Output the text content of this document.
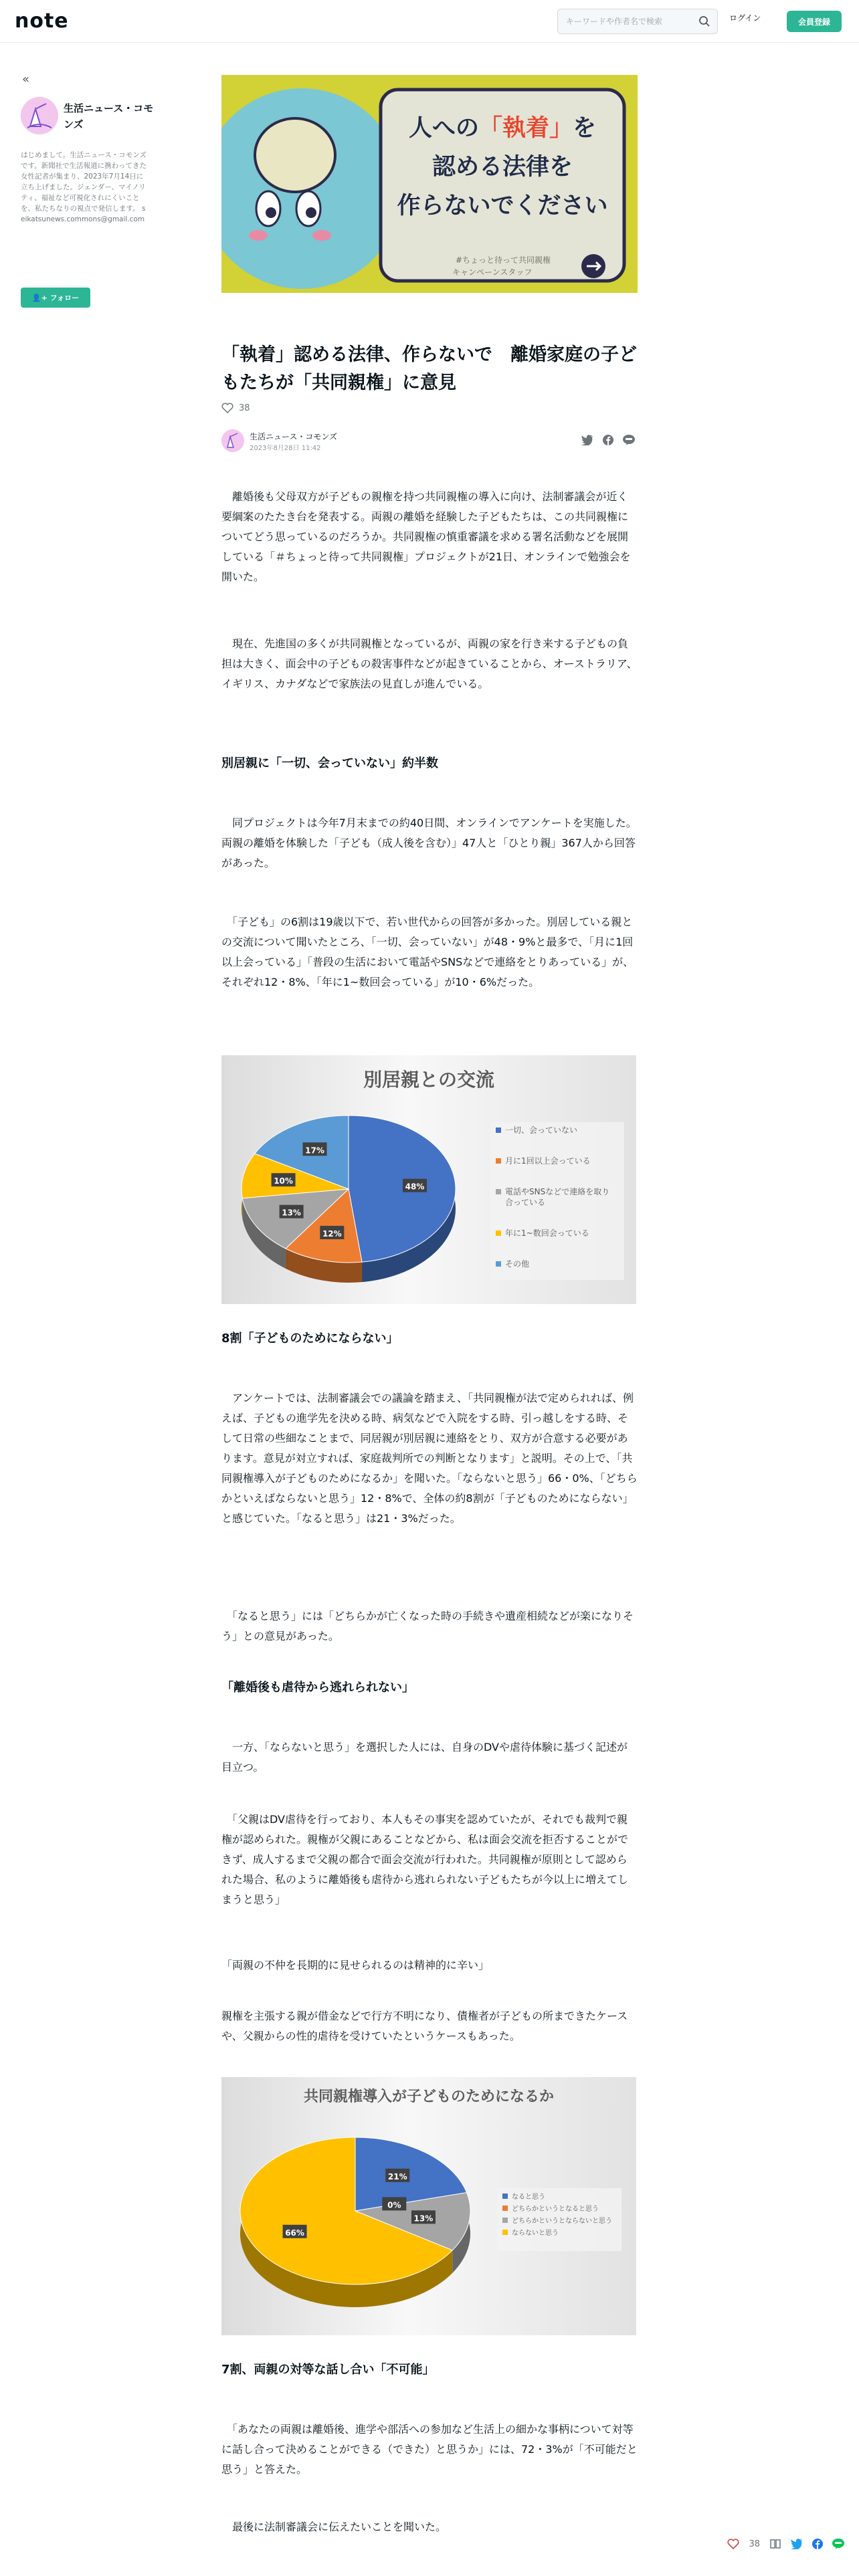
note
キーワードや作者名で検索	ログイン	会員登録
«
生活ニュース・コモンズ
はじめまして。生活ニュース・コモンズです。新聞社で生活報道に携わってきた女性記者が集まり、2023年7月14日に立ち上げました。ジェンダー、マイノリティ、福祉など可視化されにくいことを、私たちなりの視点で発信します。 seikatsunews.commons@gmail.com
👤+ フォロー
人への「執着」を
認める法律を
作らないでください
#ちょっと待って共同親権
キャンペーンスタッフ
「執着」認める法律、作らないで　離婚家庭の子どもたちが「共同親権」に意見
38
生活ニュース・コモンズ
2023年8月28日 11:42

　離婚後も父母双方が子どもの親権を持つ共同親権の導入に向け、法制審議会が近く要綱案のたたき台を発表する。両親の離婚を経験した子どもたちは、この共同親権についてどう思っているのだろうか。共同親権の慎重審議を求める署名活動などを展開している「＃ちょっと待って共同親権」プロジェクトが21日、オンラインで勉強会を開いた。

　現在、先進国の多くが共同親権となっているが、両親の家を行き来する子どもの負担は大きく、面会中の子どもの殺害事件などが起きていることから、オーストラリア、イギリス、カナダなどで家族法の見直しが進んでいる。

別居親に「一切、会っていない」約半数

　同プロジェクトは今年7月末までの約40日間、オンラインでアンケートを実施した。両親の離婚を体験した「子ども（成人後を含む）」47人と「ひとり親」367人から回答があった。

　「子ども」の6割は19歳以下で、若い世代からの回答が多かった。別居している親との交流について聞いたところ、「一切、会っていない」が48・9%と最多で、「月に1回以上会っている」「普段の生活において電話やSNSなどで連絡をとりあっている」が、それぞれ12・8%、「年に1~数回会っている」が10・6%だった。

別居親との交流
48%
12%
13%
10%
17%
一切、会っていない
月に1回以上会っている
電話やSNSなどで連絡を取り
合っている
年に1~数回会っている
その他
8割「子どものためにならない」

　アンケートでは、法制審議会での議論を踏まえ、「共同親権が法で定められれば、例えば、子どもの進学先を決める時、病気などで入院をする時、引っ越しをする時、そして日常の些細なことまで、同居親が別居親に連絡をとり、双方が合意する必要があります。意見が対立すれば、家庭裁判所での判断となります」と説明。その上で、「共同親権導入が子どものためになるか」を聞いた。「ならないと思う」66・0%、「どちらかといえばならないと思う」12・8%で、全体の約8割が「子どものためにならない」と感じていた。「なると思う」は21・3%だった。

　「なると思う」には「どちらかが亡くなった時の手続きや遺産相続などが楽になりそう」との意見があった。

「離婚後も虐待から逃れられない」

　一方、「ならないと思う」を選択した人には、自身のDVや虐待体験に基づく記述が目立つ。

　「父親はDV虐待を行っており、本人もその事実を認めていたが、それでも裁判で親権が認められた。親権が父親にあることなどから、私は面会交流を拒否することができず、成人するまで父親の都合で面会交流が行われた。共同親権が原則として認められた場合、私のように離婚後も虐待から逃れられない子どもたちが今以上に増えてしまうと思う」

「両親の不仲を長期的に見せられるのは精神的に辛い」

親権を主張する親が借金などで行方不明になり、債権者が子どもの所まできたケースや、父親からの性的虐待を受けていたというケースもあった。

共同親権導入が子どものためになるか
21%
0%
13%
66%
なると思う
どちらかというとなると思う
どちらかというとならないと思う
ならないと思う
7割、両親の対等な話し合い「不可能」

　「あなたの両親は離婚後、進学や部活への参加など生活上の細かな事柄について対等に話し合って決めることができる（できた）と思うか」には、72・3%が「不可能だと思う」と答えた。

　最後に法制審議会に伝えたいことを聞いた。

38
